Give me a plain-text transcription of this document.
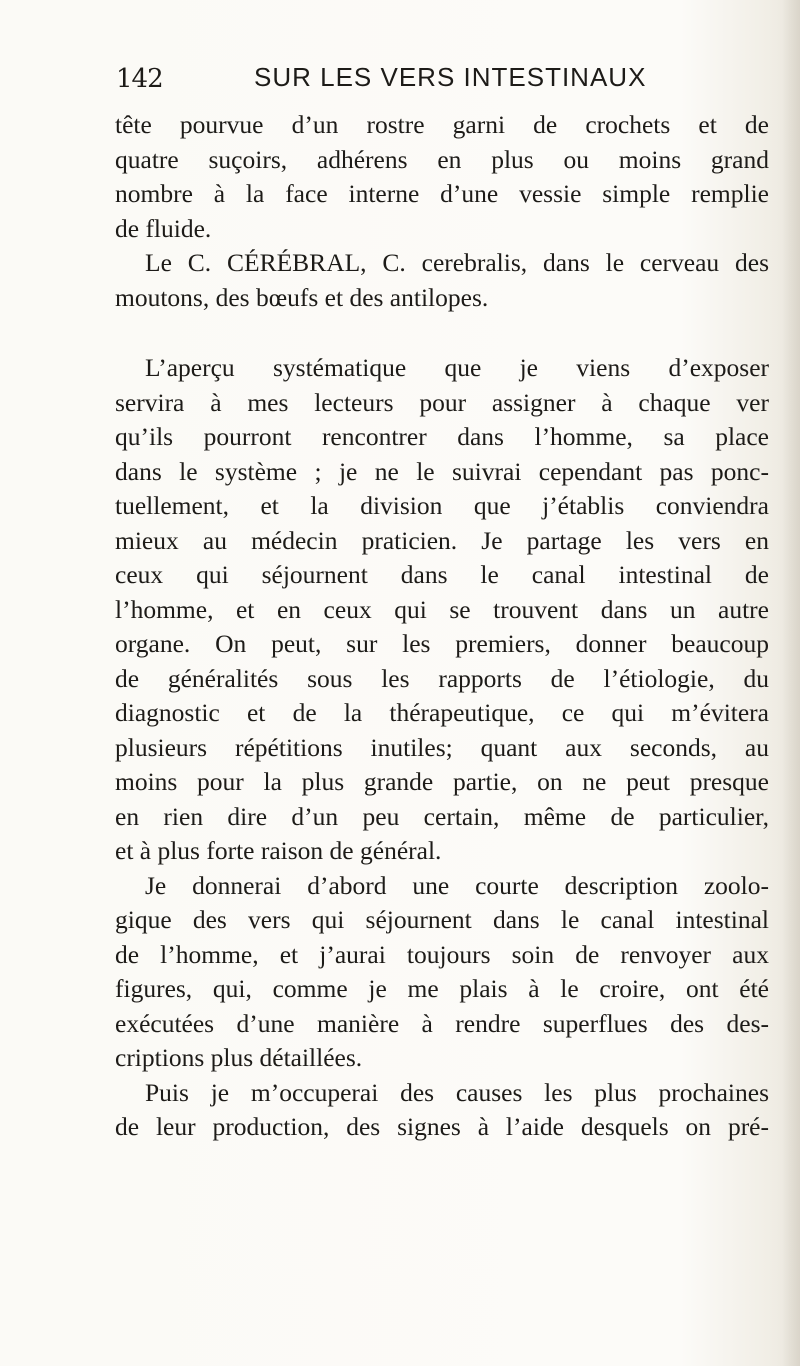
142	SUR LES VERS INTESTINAUX
tête pourvue d’un rostre garni de crochets et de
quatre suçoirs, adhérens en plus ou moins grand
nombre à la face interne d’une vessie simple remplie
de fluide.
Le C. CÉRÉBRAL, C. cerebralis, dans le cerveau des
moutons, des bœufs et des antilopes.
L’aperçu systématique que je viens d’exposer
servira à mes lecteurs pour assigner à chaque ver
qu’ils pourront rencontrer dans l’homme, sa place
dans le système ; je ne le suivrai cependant pas ponc-
tuellement, et la division que j’établis conviendra
mieux au médecin praticien. Je partage les vers en
ceux qui séjournent dans le canal intestinal de
l’homme, et en ceux qui se trouvent dans un autre
organe. On peut, sur les premiers, donner beaucoup
de généralités sous les rapports de l’étiologie, du
diagnostic et de la thérapeutique, ce qui m’évitera
plusieurs répétitions inutiles; quant aux seconds, au
moins pour la plus grande partie, on ne peut presque
en rien dire d’un peu certain, même de particulier,
et à plus forte raison de général.
Je donnerai d’abord une courte description zoolo-
gique des vers qui séjournent dans le canal intestinal
de l’homme, et j’aurai toujours soin de renvoyer aux
figures, qui, comme je me plais à le croire, ont été
exécutées d’une manière à rendre superflues des des-
criptions plus détaillées.
Puis je m’occuperai des causes les plus prochaines
de leur production, des signes à l’aide desquels on pré-
